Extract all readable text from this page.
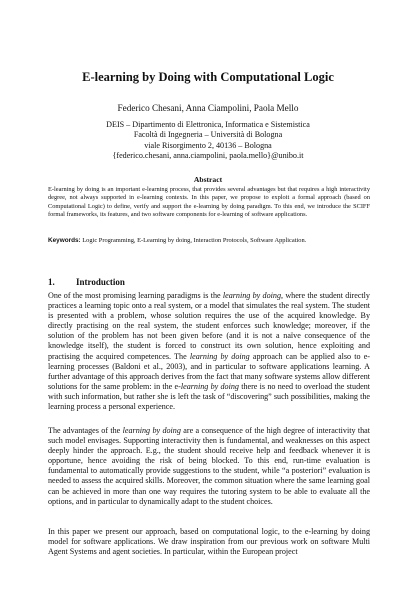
E-learning by Doing with Computational Logic
Federico Chesani, Anna Ciampolini, Paola Mello
DEIS – Dipartimento di Elettronica, Informatica e Sistemistica
Facoltà di Ingegneria – Università di Bologna
viale Risorgimento 2, 40136 – Bologna
{federico.chesani, anna.ciampolini, paola.mello}@unibo.it
Abstract
E-learning by doing is an important e-learning process, that provides several advantages but that requires a high interactivity degree, not always supported in e-learning contexts. In this paper, we propose to exploit a formal approach (based on Computational Logic) to define, verify and support the e-learning by doing paradigm. To this end, we introduce the SCIFF formal frameworks, its features, and two software components for e-learning of software applications.
Keywords: Logic Programming, E-Learning by doing, Interaction Protocols, Software Application.
1. Introduction
One of the most promising learning paradigms is the learning by doing, where the student directly practices a learning topic onto a real system, or a model that simulates the real system. The student is presented with a problem, whose solution requires the use of the acquired knowledge. By directly practising on the real system, the student enforces such knowledge; moreover, if the solution of the problem has not been given before (and it is not a naïve consequence of the knowledge itself), the student is forced to construct its own solution, hence exploiting and practising the acquired competences. The learning by doing approach can be applied also to e-learning processes (Baldoni et al., 2003), and in particular to software applications learning. A further advantage of this approach derives from the fact that many software systems allow different solutions for the same problem: in the e-learning by doing there is no need to overload the student with such information, but rather she is left the task of “discovering” such possibilities, making the learning process a personal experience.
The advantages of the learning by doing are a consequence of the high degree of interactivity that such model envisages. Supporting interactivity then is fundamental, and weaknesses on this aspect deeply hinder the approach. E.g., the student should receive help and feedback whenever it is opportune, hence avoiding the risk of being blocked. To this end, run-time evaluation is fundamental to automatically provide suggestions to the student, while “a posteriori” evaluation is needed to assess the acquired skills. Moreover, the common situation where the same learning goal can be achieved in more than one way requires the tutoring system to be able to evaluate all the options, and in particular to dynamically adapt to the student choices.
In this paper we present our approach, based on computational logic, to the e-learning by doing model for software applications. We draw inspiration from our previous work on software Multi Agent Systems and agent societies. In particular, within the European project
